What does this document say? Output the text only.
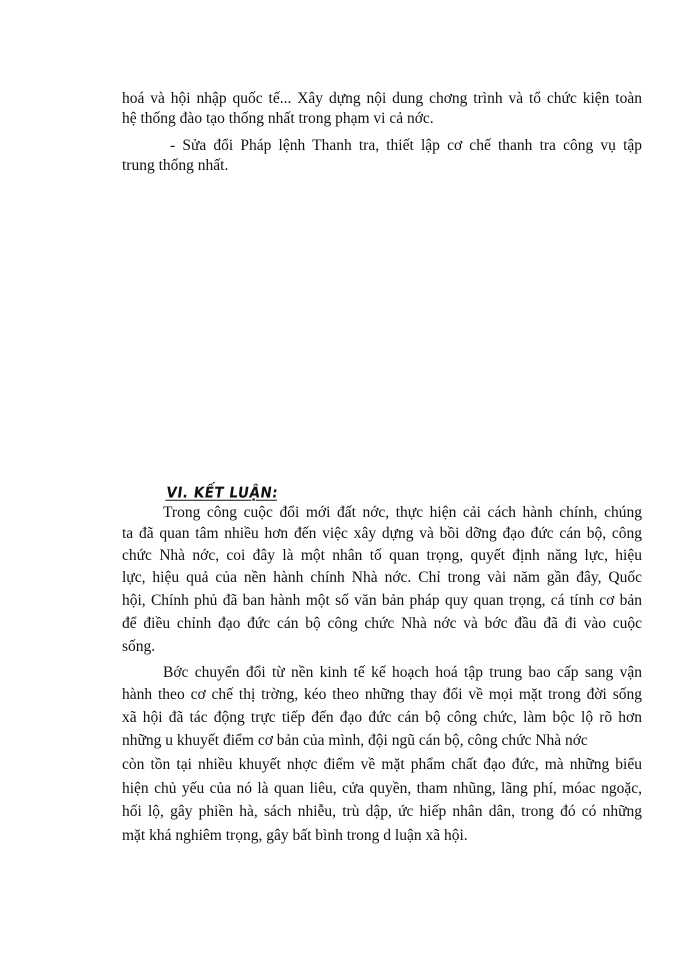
hoá và hội nhập quốc tế... Xây dựng nội dung chơng trình và tổ chức kiện toàn
hệ thống đào tạo thống nhất trong phạm vi cả nớc.
- Sửa đổi Pháp lệnh Thanh tra, thiết lập cơ chế thanh tra công vụ tập
trung thống nhất.
VI. KẾT LUẬN:
Trong công cuộc đổi mới đất nớc, thực hiện cải cách hành chính, chúng
ta đã quan tâm nhiều hơn đến việc xây dựng và bồi dỡng đạo đức cán bộ, công
chức Nhà nớc, coi đây là một nhân tố quan trọng, quyết định năng lực, hiệu
lực, hiệu quả của nền hành chính Nhà nớc. Chỉ trong vài năm gần đây, Quốc
hội, Chính phủ đã ban hành một số văn bản pháp quy quan trọng, cá tính cơ bản
để điều chỉnh đạo đức cán bộ công chức Nhà nớc và bớc đầu đã đi vào cuộc
sống.
Bớc chuyển đổi từ nền kinh tế kế hoạch hoá tập trung bao cấp sang vận
hành theo cơ chế thị trờng, kéo theo những thay đổi về mọi mặt trong đời sống
xã hội đã tác động trực tiếp đến đạo đức cán bộ công chức, làm bộc lộ rõ hơn
những u khuyết điểm cơ bản của mình, đội ngũ cán bộ, công chức Nhà nớc
còn tồn tại nhiều khuyết nhợc điểm về mặt phẩm chất đạo đức, mà những biểu
hiện chủ yếu của nó là quan liêu, cửa quyền, tham nhũng, lãng phí, móac ngoặc,
hối lộ, gây phiền hà, sách nhiễu, trù dập, ức hiếp nhân dân, trong đó có những
mặt khá nghiêm trọng, gây bất bình trong d luận xã hội.
